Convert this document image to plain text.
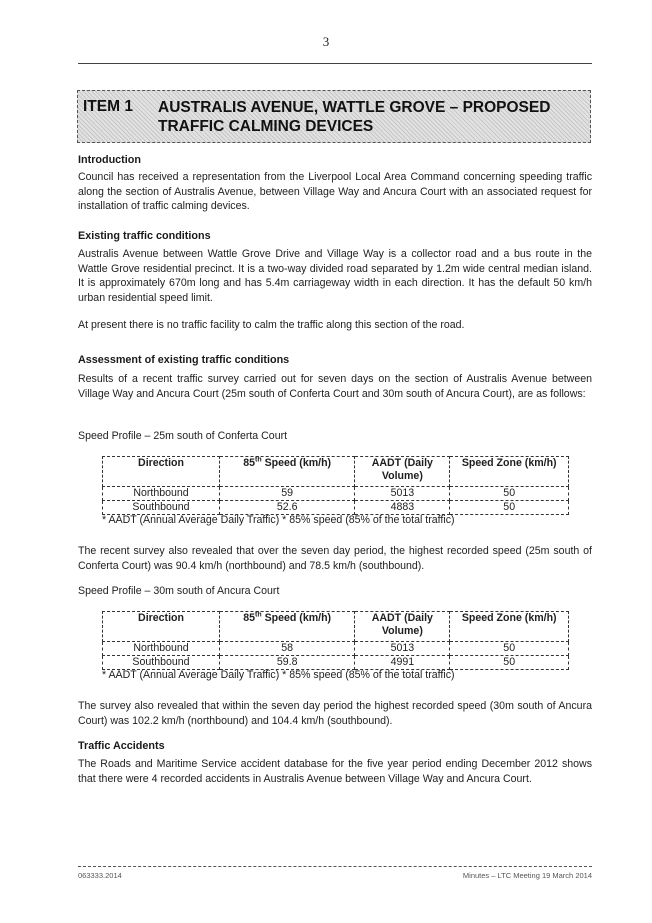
3
ITEM 1 AUSTRALIS AVENUE, WATTLE GROVE – PROPOSED TRAFFIC CALMING DEVICES
Introduction
Council has received a representation from the Liverpool Local Area Command concerning speeding traffic along the section of Australis Avenue, between Village Way and Ancura Court with an associated request for installation of traffic calming devices.
Existing traffic conditions
Australis Avenue between Wattle Grove Drive and Village Way is a collector road and a bus route in the Wattle Grove residential precinct. It is a two-way divided road separated by 1.2m wide central median island. It is approximately 670m long and has 5.4m carriageway width in each direction. It has the default 50 km/h urban residential speed limit.
At present there is no traffic facility to calm the traffic along this section of the road.
Assessment of existing traffic conditions
Results of a recent traffic survey carried out for seven days on the section of Australis Avenue between Village Way and Ancura Court (25m south of Conferta Court and 30m south of Ancura Court), are as follows:
Speed Profile – 25m south of Conferta Court
Direction	85th Speed (km/h)	AADT (Daily Volume)	Speed Zone (km/h)
Northbound	59	5013	50
Southbound	52.6	4883	50
* AADT (Annual Average Daily Traffic) * 85% speed (85% of the total traffic)
The recent survey also revealed that over the seven day period, the highest recorded speed (25m south of Conferta Court) was 90.4 km/h (northbound) and 78.5 km/h (southbound).
Speed Profile – 30m south of Ancura Court
Direction	85th Speed (km/h)	AADT (Daily Volume)	Speed Zone (km/h)
Northbound	58	5013	50
Southbound	59.8	4991	50
* AADT (Annual Average Daily Traffic) * 85% speed (85% of the total traffic)
The survey also revealed that within the seven day period the highest recorded speed (30m south of Ancura Court) was 102.2 km/h (northbound) and 104.4 km/h (southbound).
Traffic Accidents
The Roads and Maritime Service accident database for the five year period ending December 2012 shows that there were 4 recorded accidents in Australis Avenue between Village Way and Ancura Court.
063333.2014	Minutes – LTC Meeting 19 March 2014
